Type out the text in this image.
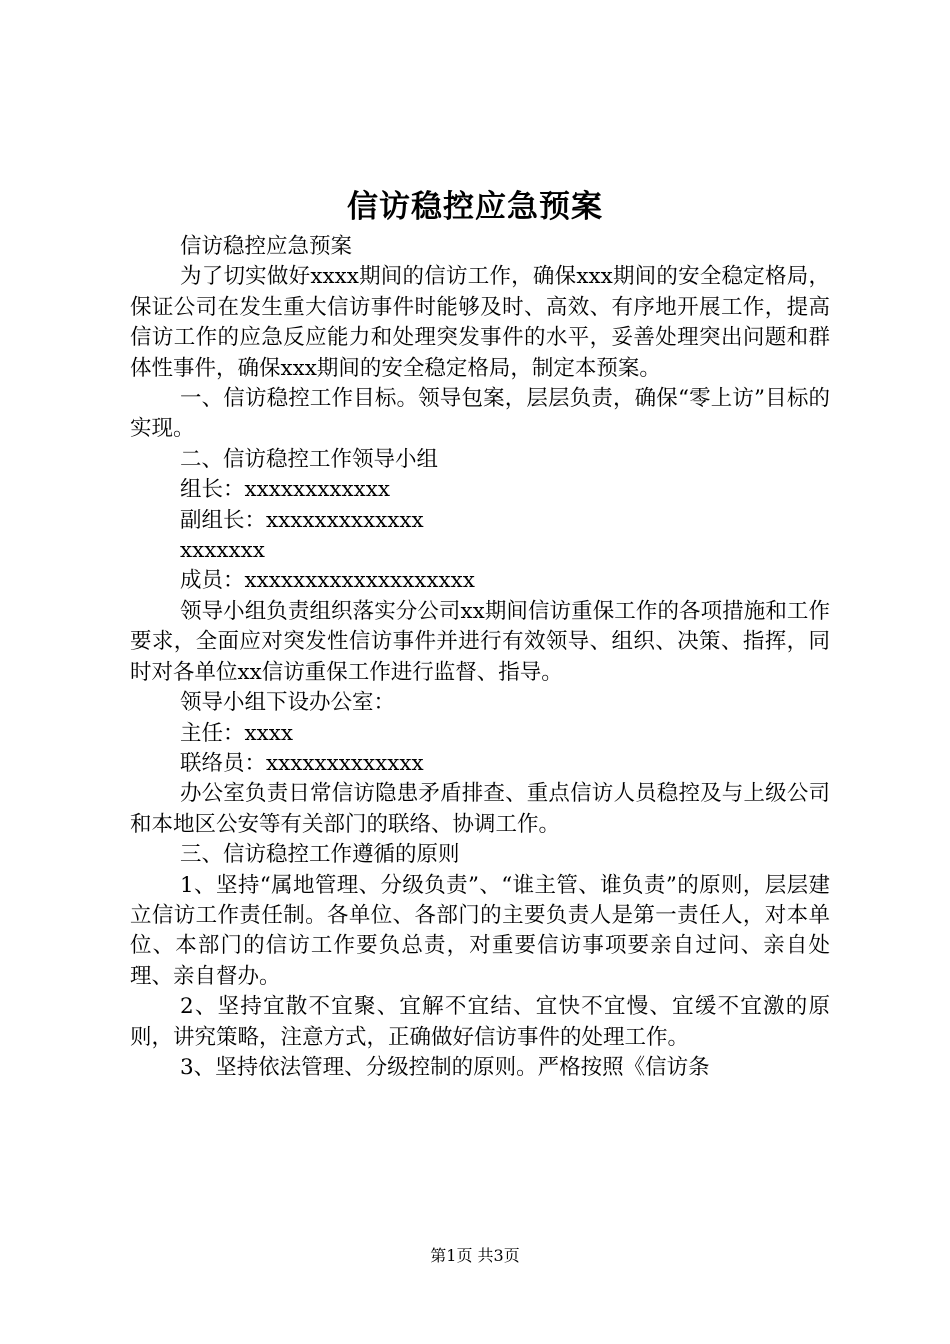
信访稳控应急预案

信访稳控应急预案

为了切实做好xxxx期间的信访工作，确保xxx期间的安全稳定格局，保证公司在发生重大信访事件时能够及时、高效、有序地开展工作，提高信访工作的应急反应能力和处理突发事件的水平，妥善处理突出问题和群体性事件，确保xxx期间的安全稳定格局，制定本预案。

一、信访稳控工作目标。领导包案，层层负责，确保“零上访”目标的实现。

二、信访稳控工作领导小组

组长：xxxxxxxxxxxx

副组长：xxxxxxxxxxxxx

xxxxxxx

成员：xxxxxxxxxxxxxxxxxxx

领导小组负责组织落实分公司xx期间信访重保工作的各项措施和工作要求，全面应对突发性信访事件并进行有效领导、组织、决策、指挥，同时对各单位xx信访重保工作进行监督、指导。

领导小组下设办公室：

主任：xxxx

联络员：xxxxxxxxxxxxx

办公室负责日常信访隐患矛盾排查、重点信访人员稳控及与上级公司和本地区公安等有关部门的联络、协调工作。

三、信访稳控工作遵循的原则

1、坚持“属地管理、分级负责”、“谁主管、谁负责”的原则，层层建立信访工作责任制。各单位、各部门的主要负责人是第一责任人，对本单位、本部门的信访工作要负总责，对重要信访事项要亲自过问、亲自处理、亲自督办。

2、坚持宜散不宜聚、宜解不宜结、宜快不宜慢、宜缓不宜激的原则，讲究策略，注意方式，正确做好信访事件的处理工作。

3、坚持依法管理、分级控制的原则。严格按照《信访条

第1页 共3页
